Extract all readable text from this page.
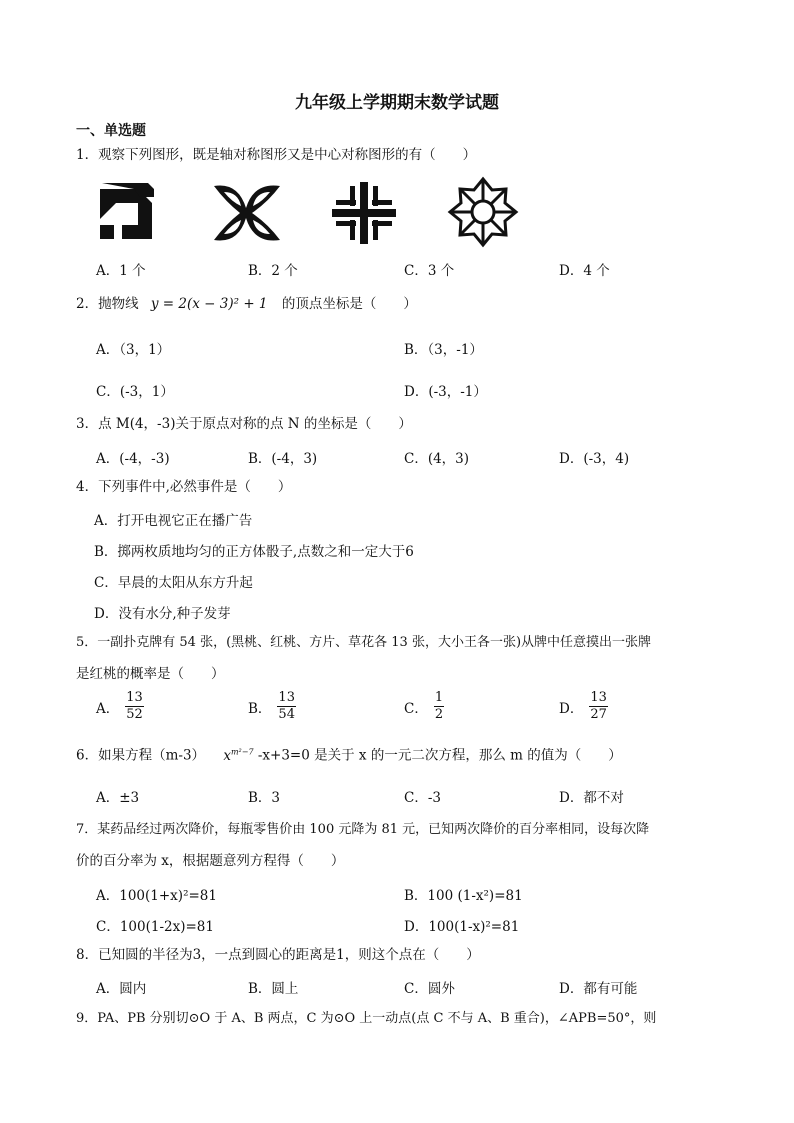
九年级上学期期末数学试题
一、单选题
1．观察下列图形，既是轴对称图形又是中心对称图形的有（　　）
A．1 个	B．2 个	C．3 个	D．4 个
2．抛物线 y = 2(x − 3)² + 1 的顶点坐标是（　　）
A．（3，1）	B．（3，-1）
C．(-3，1）	D．(-3，-1）
3．点 M(4，-3)关于原点对称的点 N 的坐标是（　　）
A．(-4，-3)	B．(-4，3)	C．(4，3)	D．(-3，4)
4．下列事件中,必然事件是（　　）
A．打开电视它正在播广告
B．掷两枚质地均匀的正方体骰子,点数之和一定大于6
C．早晨的太阳从东方升起
D．没有水分,种子发芽
5．一副扑克牌有 54 张，(黑桃、红桃、方片、草花各 13 张，大小王各一张)从牌中任意摸出一张牌
是红桃的概率是（　　）
A． $\frac{13}{52}$	B． $\frac{13}{54}$	C． $\frac{1}{2}$	D． $\frac{13}{27}$
6．如果方程（m-3） $x^{m^2-7}$ -x+3=0 是关于 x 的一元二次方程，那么 m 的值为（　　）
A．±3	B．3	C．-3	D．都不对
7．某药品经过两次降价，每瓶零售价由 100 元降为 81 元，已知两次降价的百分率相同，设每次降
价的百分率为 x，根据题意列方程得（　　）
A．100(1+x)²=81	B．100 (1-x²)=81
C．100(1-2x)=81	D．100(1-x)²=81
8．已知圆的半径为3，一点到圆心的距离是1，则这个点在（　　）
A．圆内	B．圆上	C．圆外	D．都有可能
9．PA、PB 分别切⊙O 于 A、B 两点，C 为⊙O 上一动点(点 C 不与 A、B 重合)，∠APB=50°，则
